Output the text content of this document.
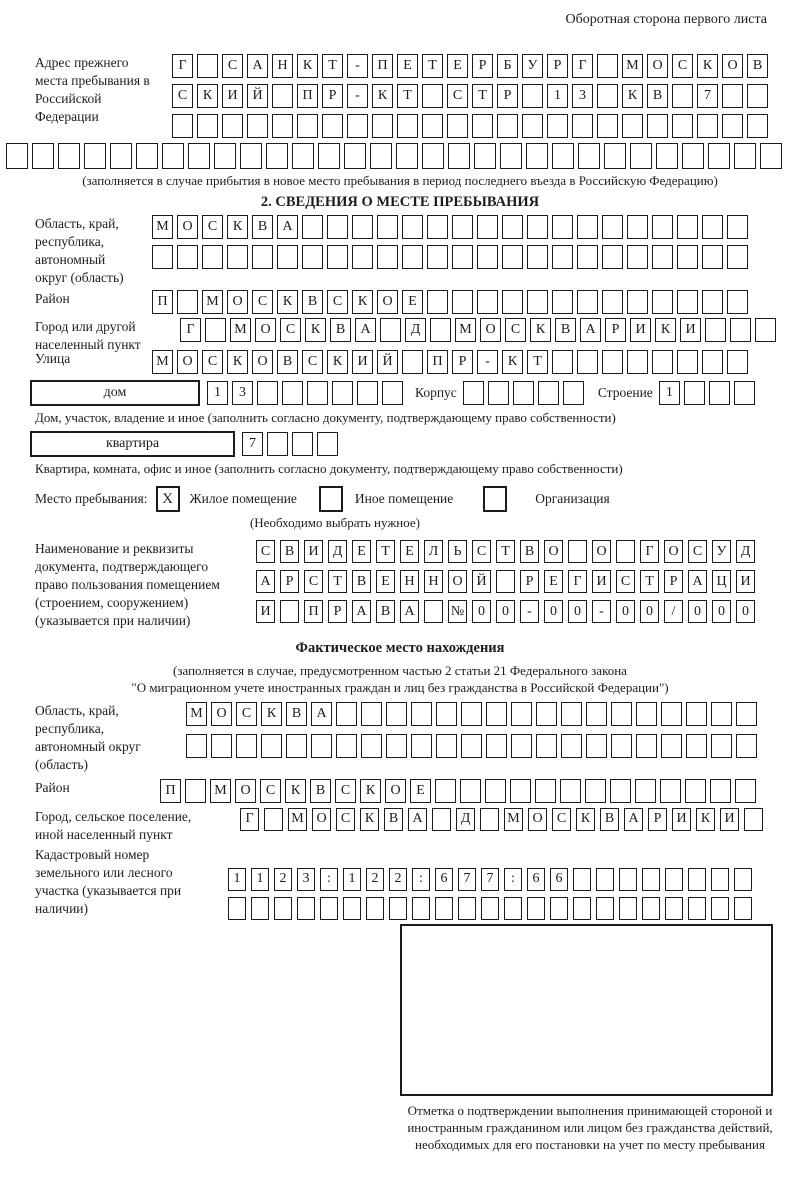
Оборотная сторона первого листа
Адрес прежнего места пребывания в Российской Федерации
Г	С	А	Н	К	Т	-	П	Е	Т	Е	Р	Б	У	Р	Г	М О	С	К	О	В
С	К	И	Й	П	Р	-	К	Т	С	Т	Р	1	3	К	В	7
(заполняется в случае прибытия в новое место пребывания в период последнего въезда в Российскую Федерацию)
2. СВЕДЕНИЯ О МЕСТЕ ПРЕБЫВАНИЯ
Область, край, республика, автономный округ (область)
М О	С	К	В	А
Район	П	М О	С	К	В	С	К	О	Е
Город или другой населенный пункт
Г	М О	С	К	В	А	Д	М О	С	К	В	А	Р	И	К	И
Улица	М О	С	К	О	В	С	К	И	Й	П	Р	-	К	Т
дом	1	3	Корпус	Строение 1
Дом, участок, владение и иное (заполнить согласно документу, подтверждающему право собственности)
квартира	7
Квартира, комната, офис и иное (заполнить согласно документу, подтверждающему право собственности)
Место пребывания: X	Жилое помещение	Иное помещение	Организация
(Необходимо выбрать нужное)
Наименование и реквизиты документа, подтверждающего право пользования помещением (строением, сооружением) (указывается при наличии)
С	В	И	Д	Е	Т	Е	Л	Ь	С	Т	В	О	О	Г	О	С	У	Д
А	Р	С	Т	В	Е	Н Н О Й	Р	Е	Г	И	С	Т	Р	А Ц И
И	П	Р	А	В	А	№ 0	0	-	0	0	-	0	0	/	0	0	0
Фактическое место нахождения
(заполняется в случае, предусмотренном частью 2 статьи 21 Федерального закона
"О миграционном учете иностранных граждан и лиц без гражданства в Российской Федерации")
Область, край, республика, автономный округ (область)
М О	С	К	В	А
Район	П	М О	С	К	В	С	К	О	Е
Город, сельское поселение, иной населенный пункт
Г	М О	С	К	В	А	Д	М О	С	К	В	А	Р	И	К	И
Кадастровый номер земельного или лесного участка (указывается при наличии)
1	1	2	3	:	1	2	2	:	6	7	7	:	6	6
Отметка о подтверждении выполнения принимающей стороной и иностранным гражданином или лицом без гражданства действий, необходимых для его постановки на учет по месту пребывания
